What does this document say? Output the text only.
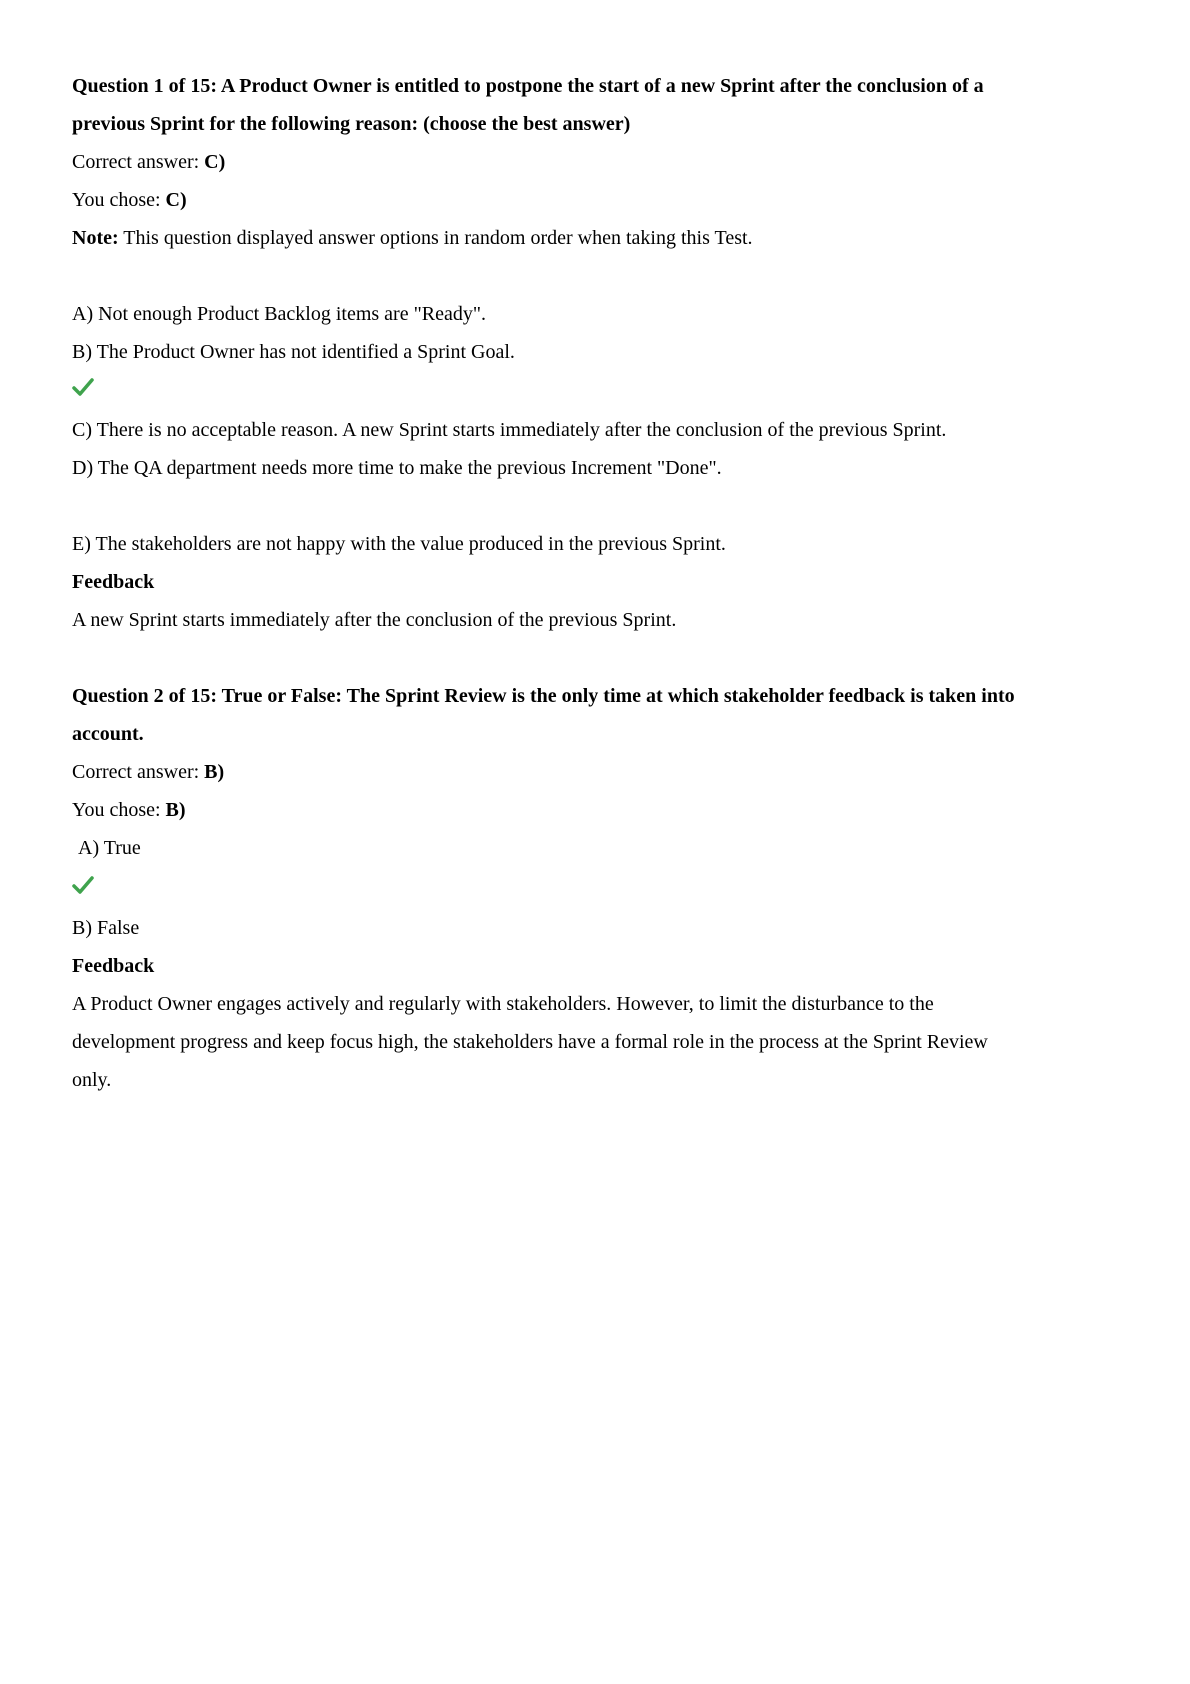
Question 1 of 15: A Product Owner is entitled to postpone the start of a new Sprint after the conclusion of a
previous Sprint for the following reason: (choose the best answer)
Correct answer: C)
You chose: C)
Note: This question displayed answer options in random order when taking this Test.
A) Not enough Product Backlog items are "Ready".
B) The Product Owner has not identified a Sprint Goal.
C) There is no acceptable reason. A new Sprint starts immediately after the conclusion of the previous Sprint.
D) The QA department needs more time to make the previous Increment "Done".
E) The stakeholders are not happy with the value produced in the previous Sprint.
Feedback
A new Sprint starts immediately after the conclusion of the previous Sprint.
Question 2 of 15: True or False: The Sprint Review is the only time at which stakeholder feedback is taken into
account.
Correct answer: B)
You chose: B)
A) True
B) False
Feedback
A Product Owner engages actively and regularly with stakeholders. However, to limit the disturbance to the
development progress and keep focus high, the stakeholders have a formal role in the process at the Sprint Review
only.
